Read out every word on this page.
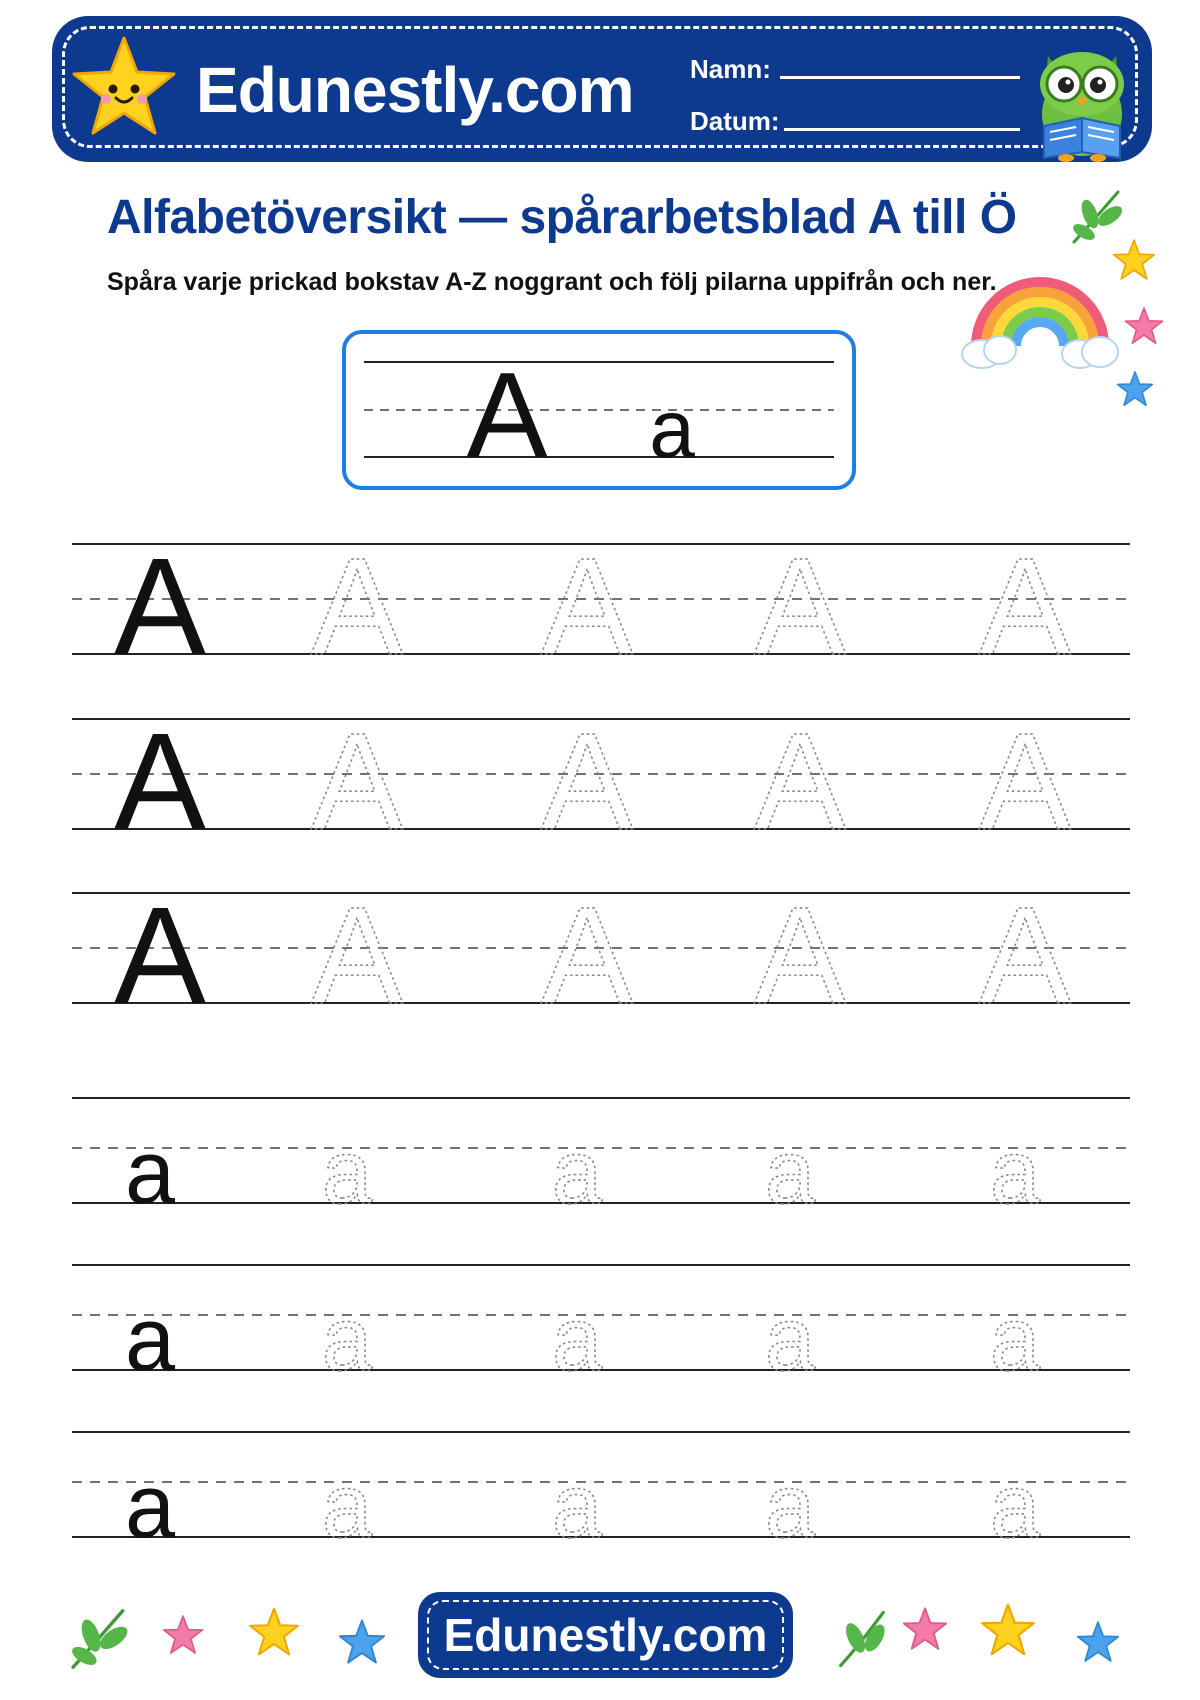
Edunestly.com Namn:
Datum:
Alfabetöversikt — spårarbetsblad A till Ö
Spåra varje prickad bokstav A-Z noggrant och följ pilarna uppifrån och ner.
A a
A A A A A
A A A A A
A A A A A
a a a a a
a a a a a
a a a a a
Edunestly.com
